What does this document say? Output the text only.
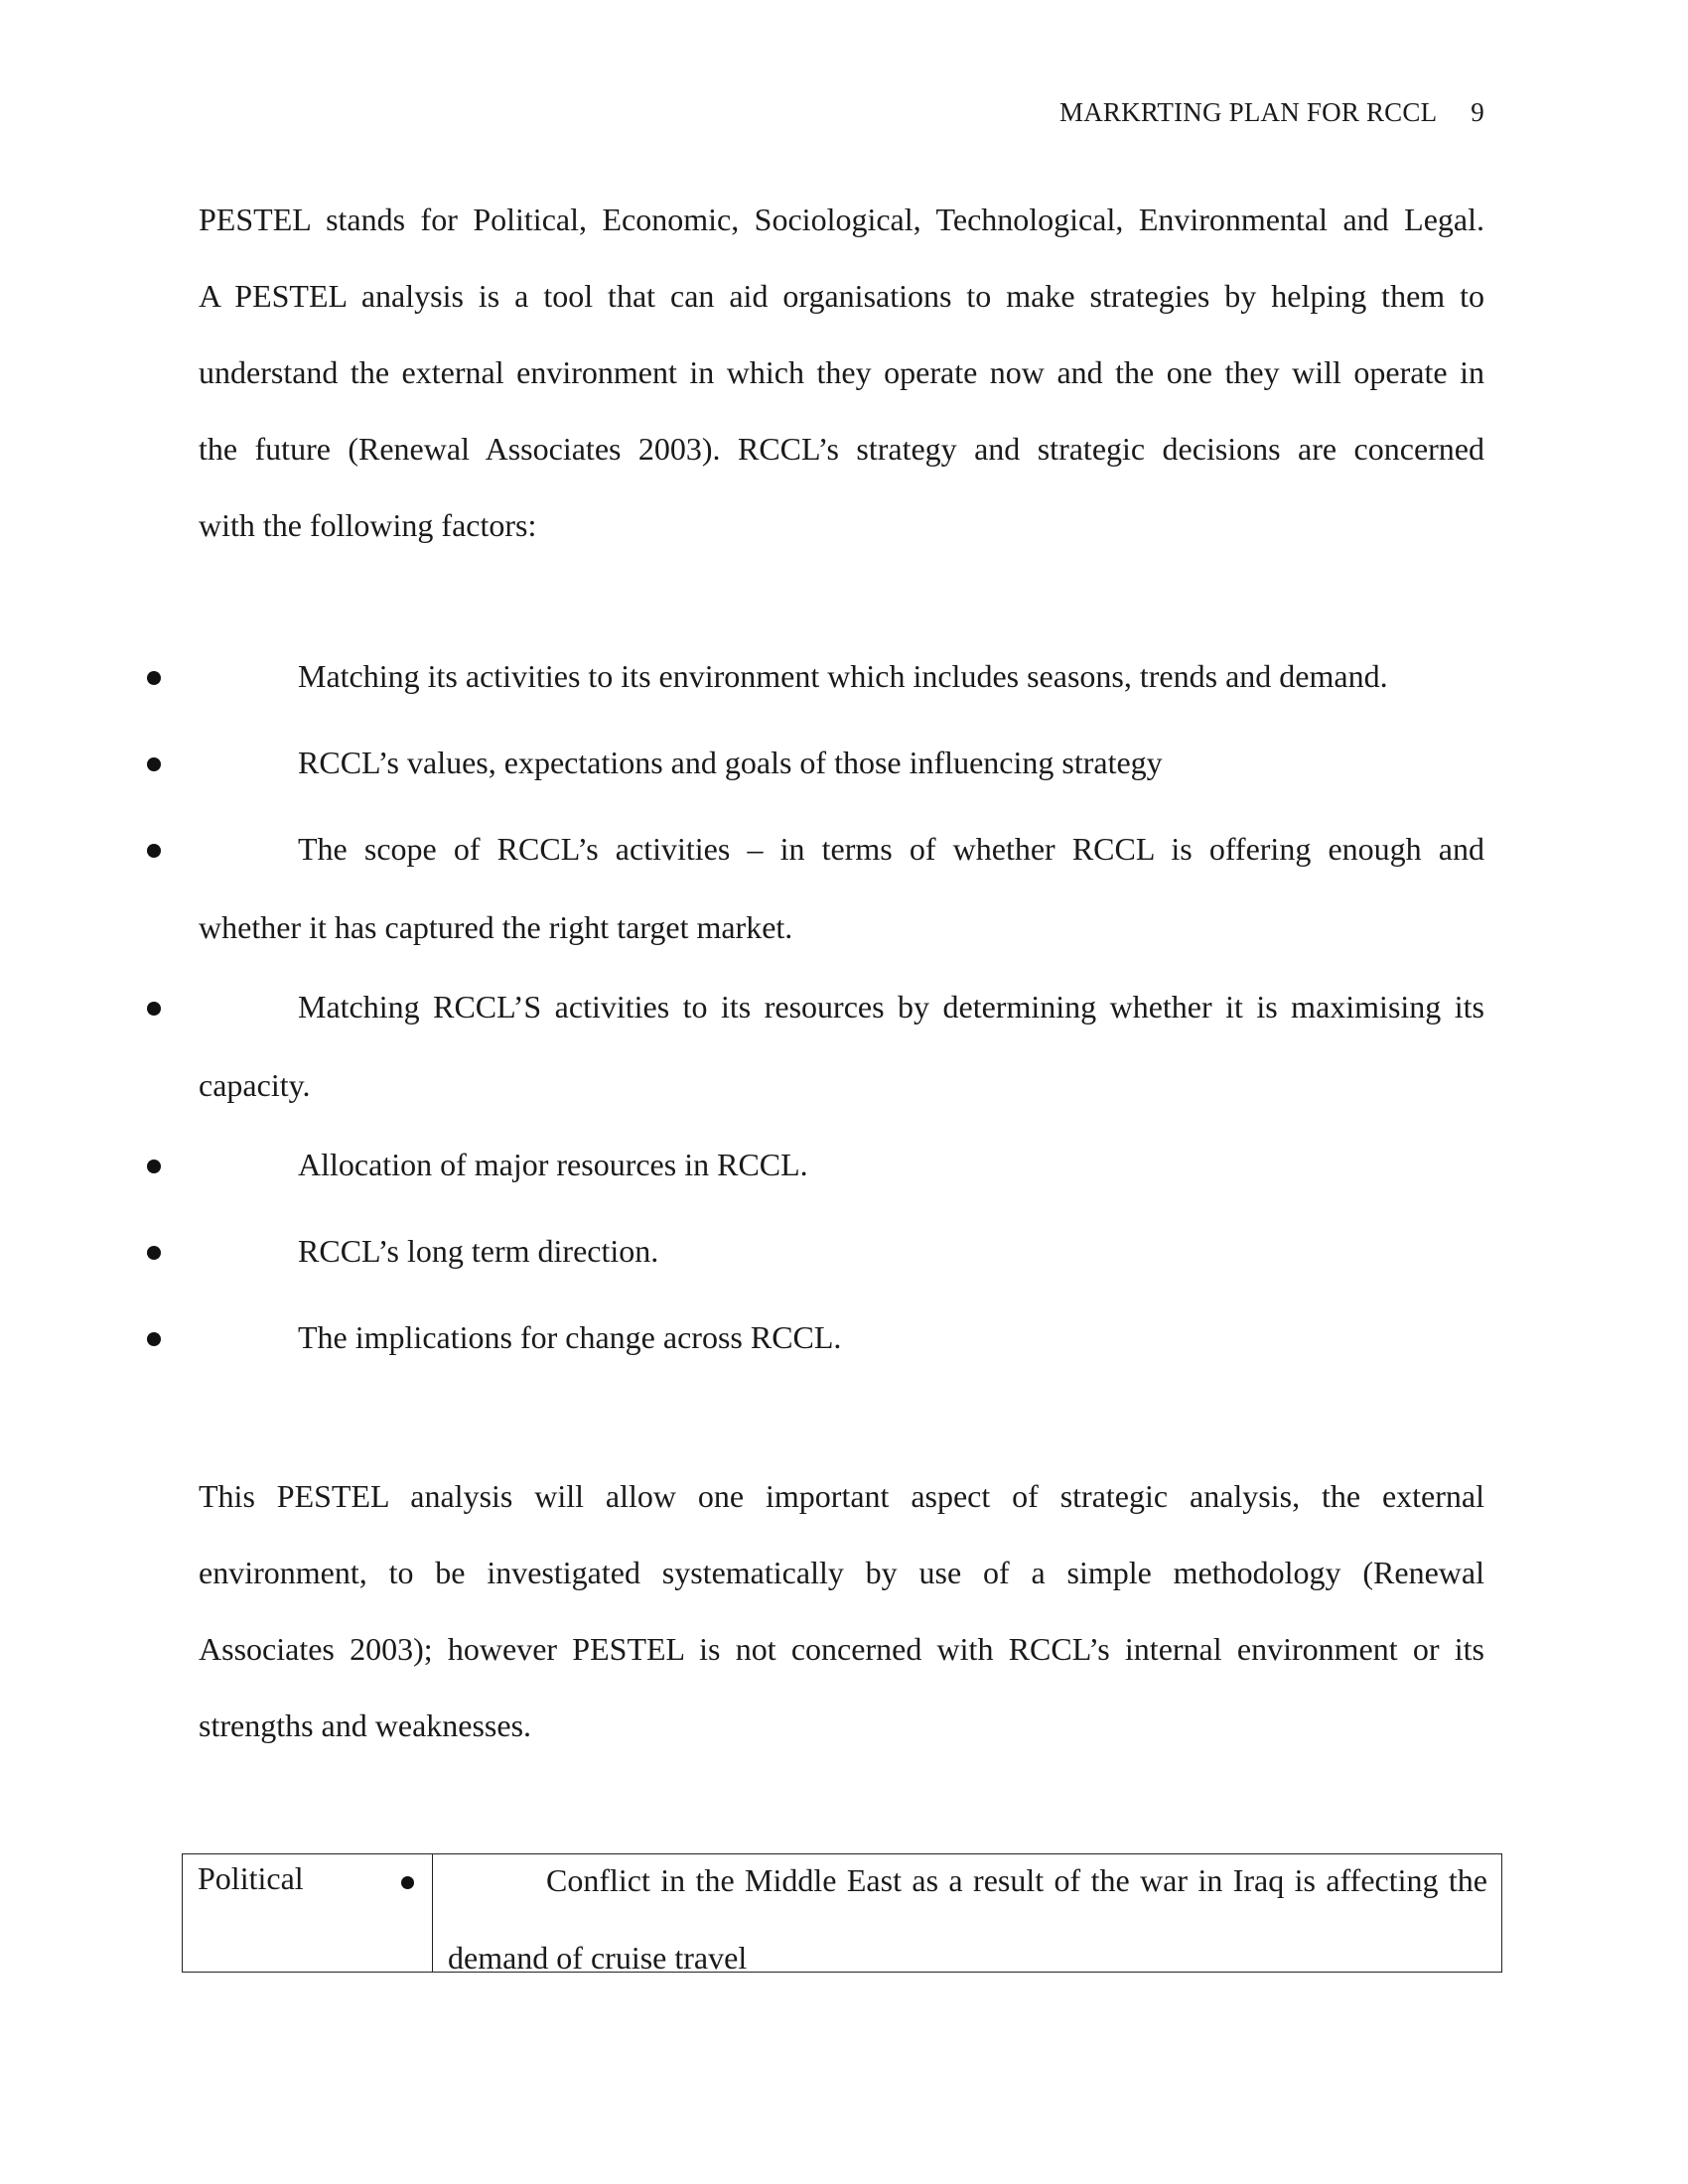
MARKRTING PLAN FOR RCCL 9
PESTEL stands for Political, Economic, Sociological, Technological, Environmental and Legal.
A PESTEL analysis is a tool that can aid organisations to make strategies by helping them to
understand the external environment in which they operate now and the one they will operate in
the future (Renewal Associates 2003). RCCL’s strategy and strategic decisions are concerned
with the following factors:
Matching its activities to its environment which includes seasons, trends and demand.
RCCL’s values, expectations and goals of those influencing strategy
The scope of RCCL’s activities – in terms of whether RCCL is offering enough and
whether it has captured the right target market.
Matching RCCL’S activities to its resources by determining whether it is maximising its
capacity.
Allocation of major resources in RCCL.
RCCL’s long term direction.
The implications for change across RCCL.
This PESTEL analysis will allow one important aspect of strategic analysis, the external
environment, to be investigated systematically by use of a simple methodology (Renewal
Associates 2003); however PESTEL is not concerned with RCCL’s internal environment or its
strengths and weaknesses.
Political	Conflict in the Middle East as a result of the war in Iraq is affecting the
demand of cruise travel
